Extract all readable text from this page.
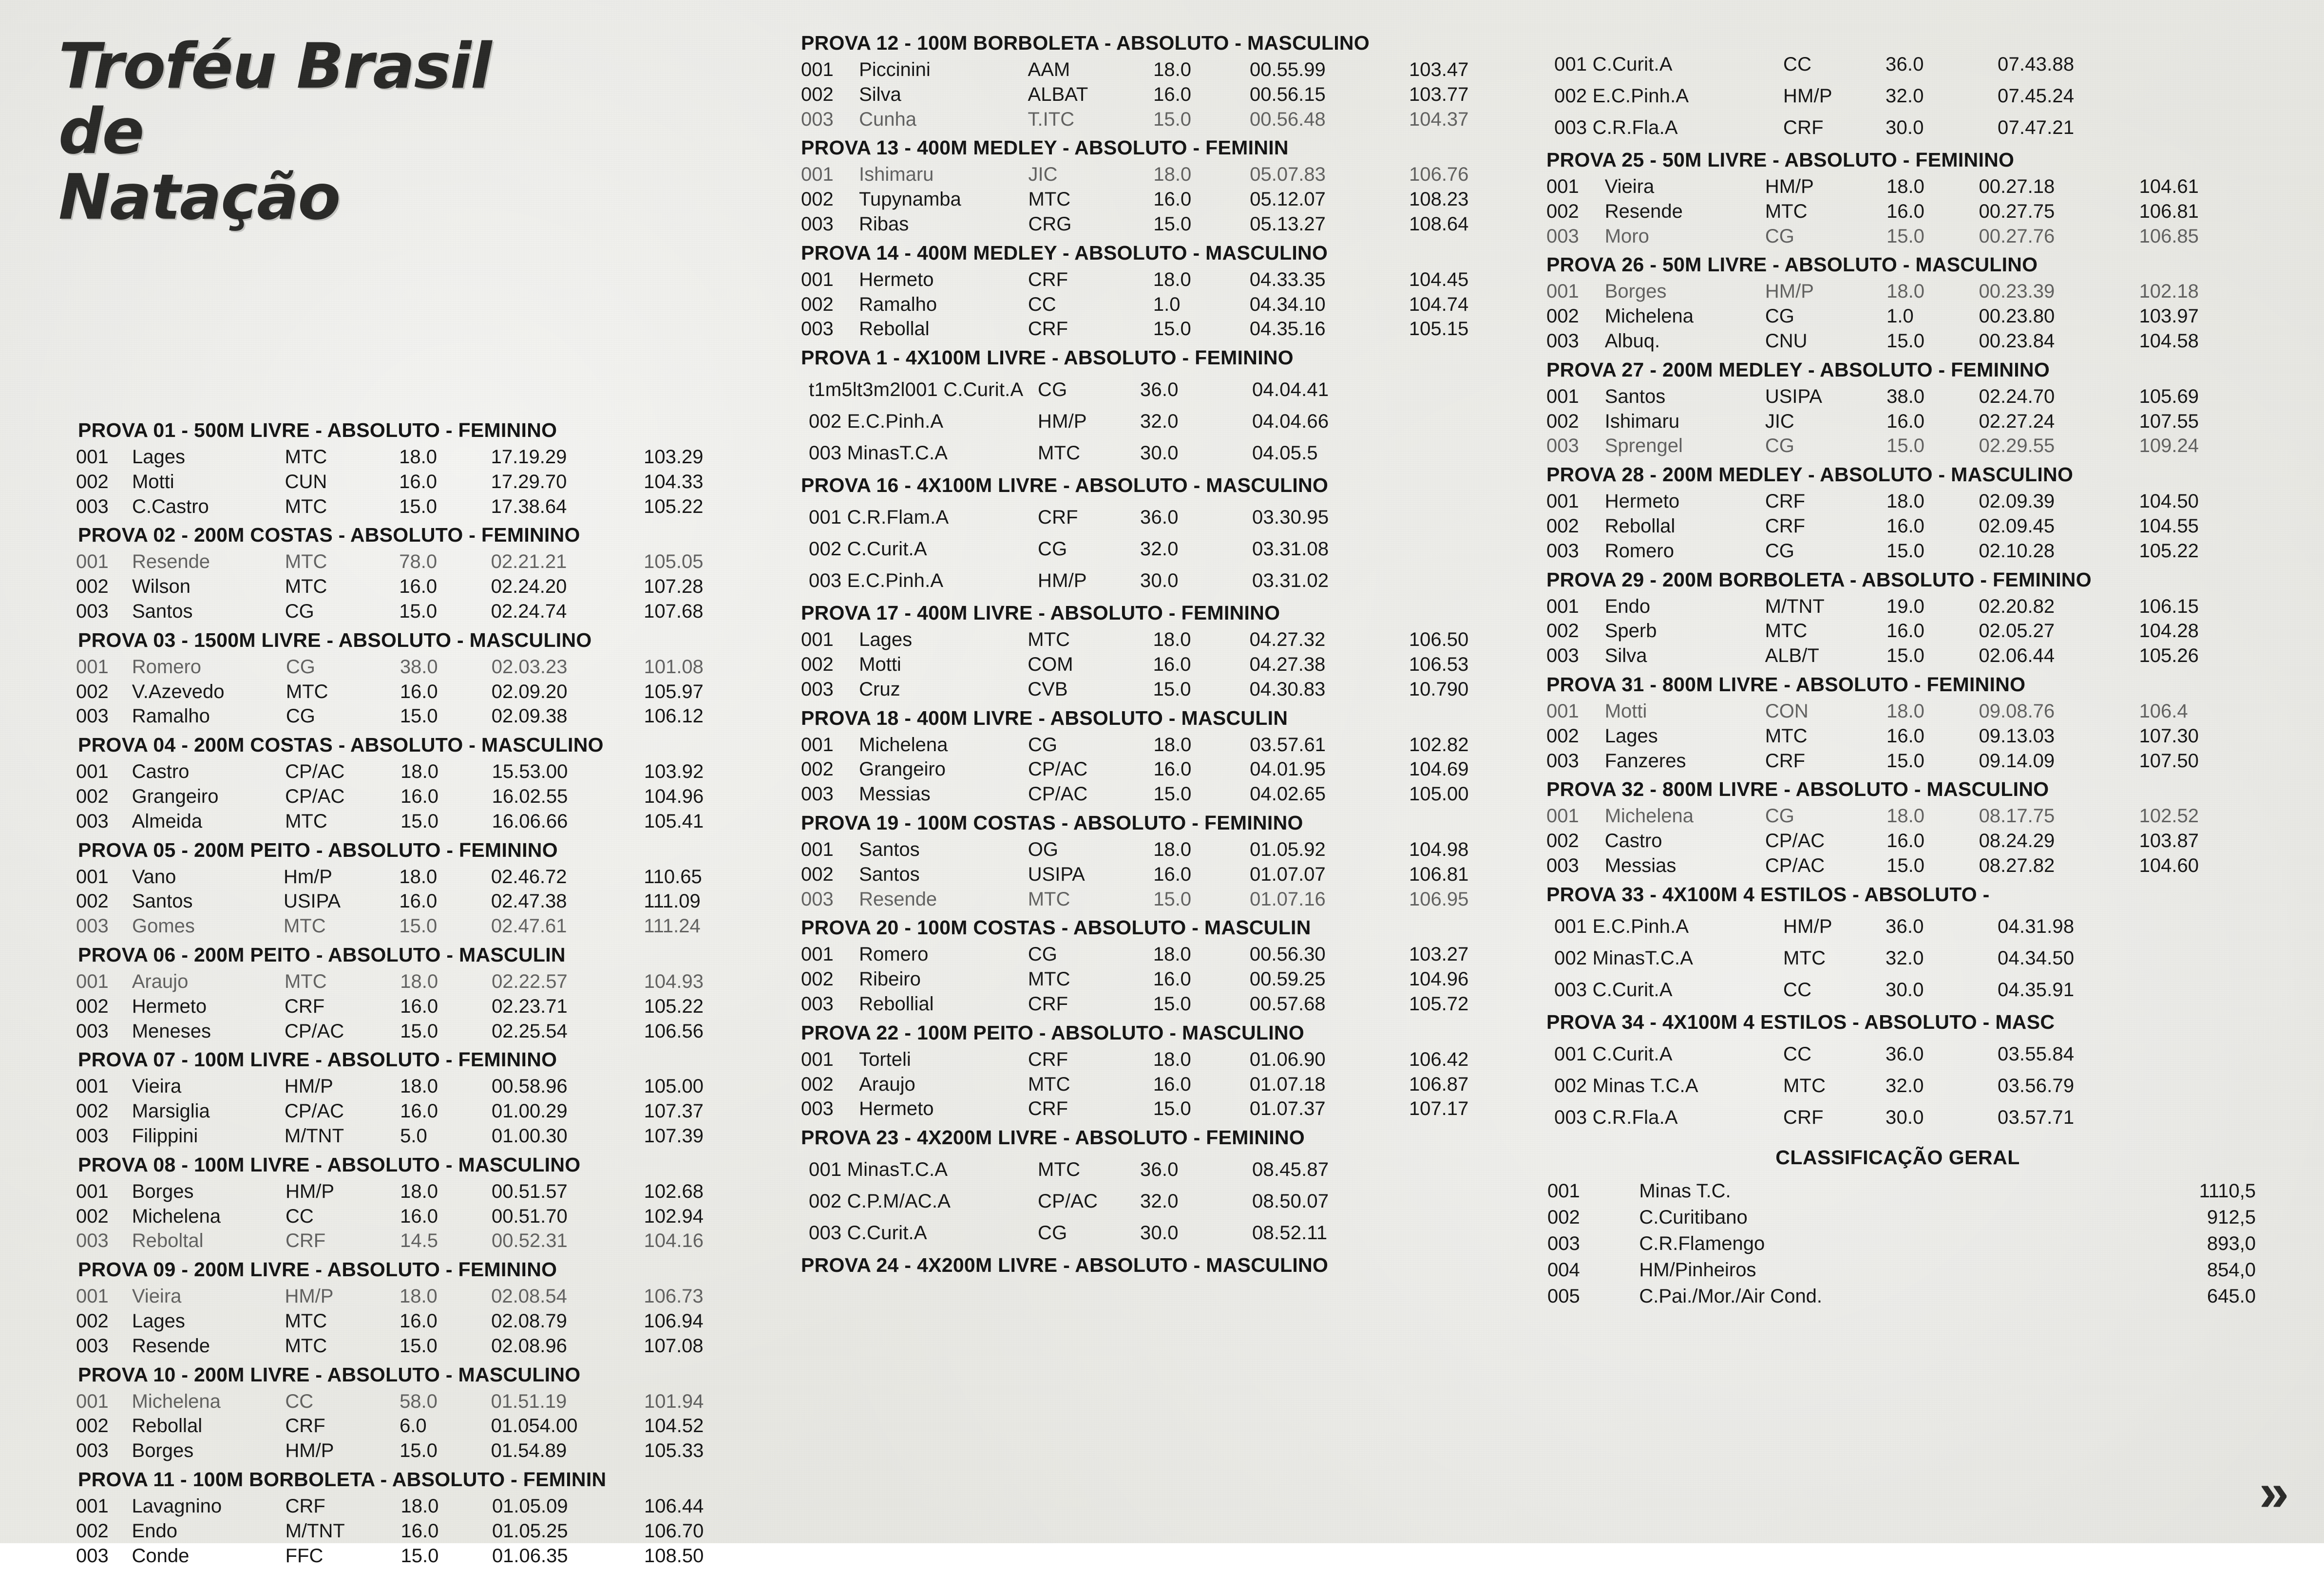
Troféu Brasil
de
Natação
PROVA 01 - 500M LIVRE - ABSOLUTO - FEMININO
001	Lages	MTC	18.0	17.19.29	103.29
002	Motti	CUN	16.0	17.29.70	104.33
003	C.Castro	MTC	15.0	17.38.64	105.22
PROVA 02 - 200M COSTAS - ABSOLUTO - FEMININO
001	Resende	MTC	78.0	02.21.21	105.05
002	Wilson	MTC	16.0	02.24.20	107.28
003	Santos	CG	15.0	02.24.74	107.68
PROVA 03 - 1500M LIVRE - ABSOLUTO - MASCULINO
001	Romero	CG	38.0	02.03.23	101.08
002	V.Azevedo	MTC	16.0	02.09.20	105.97
003	Ramalho	CG	15.0	02.09.38	106.12
PROVA 04 - 200M COSTAS - ABSOLUTO - MASCULINO
001	Castro	CP/AC	18.0	15.53.00	103.92
002	Grangeiro	CP/AC	16.0	16.02.55	104.96
003	Almeida	MTC	15.0	16.06.66	105.41
PROVA 05 - 200M PEITO - ABSOLUTO - FEMININO
001	Vano	Hm/P	18.0	02.46.72	110.65
002	Santos	USIPA	16.0	02.47.38	111.09
003	Gomes	MTC	15.0	02.47.61	111.24
PROVA 06 - 200M PEITO - ABSOLUTO - MASCULIN
001	Araujo	MTC	18.0	02.22.57	104.93
002	Hermeto	CRF	16.0	02.23.71	105.22
003	Meneses	CP/AC	15.0	02.25.54	106.56
PROVA 07 - 100M LIVRE - ABSOLUTO - FEMININO
001	Vieira	HM/P	18.0	00.58.96	105.00
002	Marsiglia	CP/AC	16.0	01.00.29	107.37
003	Filippini	M/TNT	5.0	01.00.30	107.39
PROVA 08 - 100M LIVRE - ABSOLUTO - MASCULINO
001	Borges	HM/P	18.0	00.51.57	102.68
002	Michelena	CC	16.0	00.51.70	102.94
003	Reboltal	CRF	14.5	00.52.31	104.16
PROVA 09 - 200M LIVRE - ABSOLUTO - FEMININO
001	Vieira	HM/P	18.0	02.08.54	106.73
002	Lages	MTC	16.0	02.08.79	106.94
003	Resende	MTC	15.0	02.08.96	107.08
PROVA 10 - 200M LIVRE - ABSOLUTO - MASCULINO
001	Michelena	CC	58.0	01.51.19	101.94
002	Rebollal	CRF	6.0	01.054.00	104.52
003	Borges	HM/P	15.0	01.54.89	105.33
PROVA 11 - 100M BORBOLETA - ABSOLUTO - FEMININ
001	Lavagnino	CRF	18.0	01.05.09	106.44
002	Endo	M/TNT	16.0	01.05.25	106.70
003	Conde	FFC	15.0	01.06.35	108.50
PROVA 12 - 100M BORBOLETA - ABSOLUTO - MASCULINO
001	Piccinini	AAM	18.0	00.55.99	103.47
002	Silva	ALBAT	16.0	00.56.15	103.77
003	Cunha	T.ITC	15.0	00.56.48	104.37
PROVA 13 - 400M MEDLEY - ABSOLUTO - FEMININ
001	Ishimaru	JIC	18.0	05.07.83	106.76
002	Tupynamba	MTC	16.0	05.12.07	108.23
003	Ribas	CRG	15.0	05.13.27	108.64
PROVA 14 - 400M MEDLEY - ABSOLUTO - MASCULINO
001	Hermeto	CRF	18.0	04.33.35	104.45
002	Ramalho	CC	1.0	04.34.10	104.74
003	Rebollal	CRF	15.0	04.35.16	105.15
PROVA 1 - 4X100M LIVRE - ABSOLUTO - FEMININO
t1m5lt3m2l001 C.Curit.A CG	36.0	04.04.41
002 E.C.Pinh.A	HM/P	32.0	04.04.66
003 MinasT.C.A	MTC	30.0	04.05.5
PROVA 16 - 4X100M LIVRE - ABSOLUTO - MASCULINO
001 C.R.Flam.A	CRF	36.0	03.30.95
002 C.Curit.A	CG	32.0	03.31.08
003 E.C.Pinh.A	HM/P	30.0	03.31.02
PROVA 17 - 400M LIVRE - ABSOLUTO - FEMININO
001	Lages	MTC	18.0	04.27.32	106.50
002	Motti	COM	16.0	04.27.38	106.53
003	Cruz	CVB	15.0	04.30.83	10.790
PROVA 18 - 400M LIVRE - ABSOLUTO - MASCULIN
001	Michelena	CG	18.0	03.57.61	102.82
002	Grangeiro	CP/AC	16.0	04.01.95	104.69
003	Messias	CP/AC	15.0	04.02.65	105.00
PROVA 19 - 100M COSTAS - ABSOLUTO - FEMININO
001	Santos	OG	18.0	01.05.92	104.98
002	Santos	USIPA	16.0	01.07.07	106.81
003	Resende	MTC	15.0	01.07.16	106.95
PROVA 20 - 100M COSTAS - ABSOLUTO - MASCULIN
001	Romero	CG	18.0	00.56.30	103.27
002	Ribeiro	MTC	16.0	00.59.25	104.96
003	Rebollial	CRF	15.0	00.57.68	105.72
PROVA 22 - 100M PEITO - ABSOLUTO - MASCULINO
001	Torteli	CRF	18.0	01.06.90	106.42
002	Araujo	MTC	16.0	01.07.18	106.87
003	Hermeto	CRF	15.0	01.07.37	107.17
PROVA 23 - 4X200M LIVRE - ABSOLUTO - FEMININO
001 MinasT.C.A	MTC	36.0	08.45.87
002 C.P.M/AC.A	CP/AC 32.0	08.50.07
003 C.Curit.A	CG	30.0	08.52.11
PROVA 24 - 4X200M LIVRE - ABSOLUTO - MASCULINO
001 C.Curit.A	CC	36.0	07.43.88
002 E.C.Pinh.A	HM/P	32.0	07.45.24
003 C.R.Fla.A	CRF	30.0	07.47.21
PROVA 25 - 50M LIVRE - ABSOLUTO - FEMININO
001	Vieira	HM/P	18.0	00.27.18	104.61
002	Resende	MTC	16.0	00.27.75	106.81
003	Moro	CG	15.0	00.27.76	106.85
PROVA 26 - 50M LIVRE - ABSOLUTO - MASCULINO
001	Borges	HM/P	18.0	00.23.39	102.18
002	Michelena	CG	1.0	00.23.80	103.97
003	Albuq.	CNU	15.0	00.23.84	104.58
PROVA 27 - 200M MEDLEY - ABSOLUTO - FEMININO
001	Santos	USIPA	38.0	02.24.70	105.69
002	Ishimaru	JIC	16.0	02.27.24	107.55
003	Sprengel	CG	15.0	02.29.55	109.24
PROVA 28 - 200M MEDLEY - ABSOLUTO - MASCULINO
001	Hermeto	CRF	18.0	02.09.39	104.50
002	Rebollal	CRF	16.0	02.09.45	104.55
003	Romero	CG	15.0	02.10.28	105.22
PROVA 29 - 200M BORBOLETA - ABSOLUTO - FEMININO
001	Endo	M/TNT	19.0	02.20.82	106.15
002	Sperb	MTC	16.0	02.05.27	104.28
003	Silva	ALB/T	15.0	02.06.44	105.26
PROVA 31 - 800M LIVRE - ABSOLUTO - FEMININO
001	Motti	CON	18.0	09.08.76	106.4
002	Lages	MTC	16.0	09.13.03	107.30
003	Fanzeres	CRF	15.0	09.14.09	107.50
PROVA 32 - 800M LIVRE - ABSOLUTO - MASCULINO
001	Michelena	CG	18.0	08.17.75	102.52
002	Castro	CP/AC	16.0	08.24.29	103.87
003	Messias	CP/AC	15.0	08.27.82	104.60
PROVA 33 - 4X100M 4 ESTILOS - ABSOLUTO -
001 E.C.Pinh.A	HM/P	36.0	04.31.98
002 MinasT.C.A	MTC	32.0	04.34.50
003 C.Curit.A	CC	30.0	04.35.91
PROVA 34 - 4X100M 4 ESTILOS - ABSOLUTO - MASC
001 C.Curit.A	CC	36.0	03.55.84
002 Minas T.C.A	MTC	32.0	03.56.79
003 C.R.Fla.A	CRF	30.0	03.57.71
CLASSIFICAÇÃO GERAL
001	Minas T.C.	1110,5
002	C.Curitibano	912,5
003	C.R.Flamengo	893,0
004	HM/Pinheiros	854,0
005	C.Pai./Mor./Air Cond.	645.0
»
